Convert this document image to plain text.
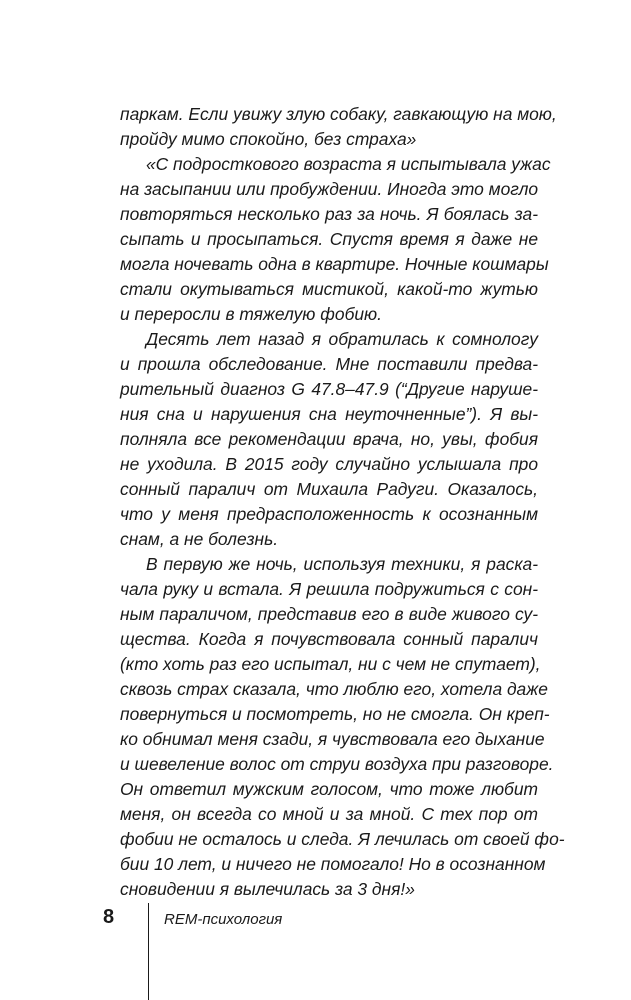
паркам. Если увижу злую собаку, гавкающую на мою,
пройду мимо спокойно, без страха»
«С подросткового возраста я испытывала ужас
на засыпании или пробуждении. Иногда это могло
повторяться несколько раз за ночь. Я боялась за-
сыпать и просыпаться. Спустя время я даже не
могла ночевать одна в квартире. Ночные кошмары
стали окутываться мистикой, какой-то жутью
и переросли в тяжелую фобию.
Десять лет назад я обратилась к сомнологу
и прошла обследование. Мне поставили предва-
рительный диагноз G 47.8–47.9 (“Другие наруше-
ния сна и нарушения сна неуточненные”). Я вы-
полняла все рекомендации врача, но, увы, фобия
не уходила. В 2015 году случайно услышала про
сонный паралич от Михаила Радуги. Оказалось,
что у меня предрасположенность к осознанным
снам, а не болезнь.
В первую же ночь, используя техники, я раска-
чала руку и встала. Я решила подружиться с сон-
ным параличом, представив его в виде живого су-
щества. Когда я почувствовала сонный паралич
(кто хоть раз его испытал, ни с чем не спутает),
сквозь страх сказала, что люблю его, хотела даже
повернуться и посмотреть, но не смогла. Он креп-
ко обнимал меня сзади, я чувствовала его дыхание
и шевеление волос от струи воздуха при разговоре.
Он ответил мужским голосом, что тоже любит
меня, он всегда со мной и за мной. С тех пор от
фобии не осталось и следа. Я лечилась от своей фо-
бии 10 лет, и ничего не помогало! Но в осознанном
сновидении я вылечилась за 3 дня!»
8	REM-психология
